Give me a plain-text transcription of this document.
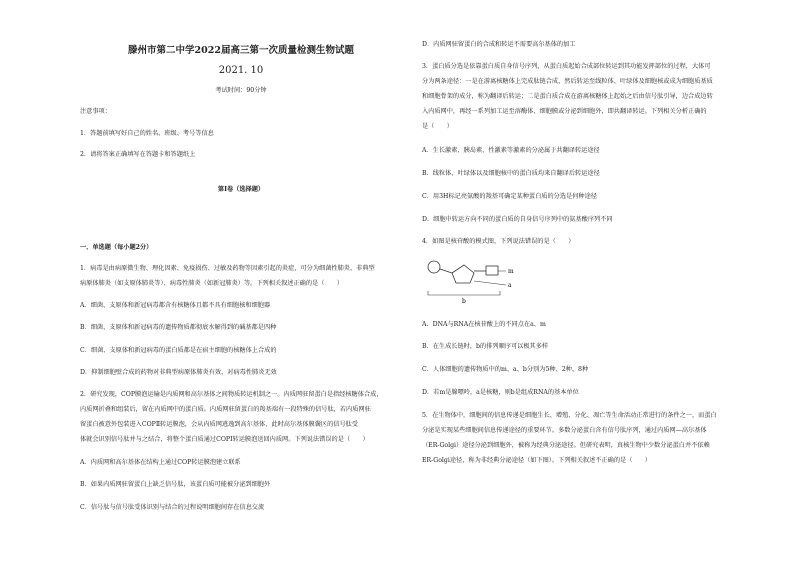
滕州市第二中学2022届高三第一次质量检测生物试题
2021. 10
考试时间：90分钟
注意事项：
1．答题前填写好自己的姓名、班级、考号等信息
2．请将答案正确填写在答题卡和答题纸上
第Ⅰ卷（选择题）
一、单选题（每小题2分）
1．病毒是由病原微生物、理化因素、免疫损伤、过敏及药物等因素引起的炎症，可分为细菌性肺炎、非典型
病原体肺炎（如支原体肺炎等）、病毒性肺炎（如新冠肺炎）等。下列相关叙述正确的是（　　）
A．细菌、支原体和新冠病毒都含有核糖体且都不具有细胞核和细胞器
B．细菌、支原体和新冠病毒的遗传物质都彻底水解得到的碱基都是四种
C．细菌、支原体和新冠病毒的蛋白质都是在宿主细胞的核糖体上合成的
D．抑制细胞壁合成的药物对非典型病原体肺炎有效，对病毒性肺炎无效
2．研究发现，COP膜泡运输是内质网和高尔基体之间物质转运机制之一。内质网驻留蛋白是指经核糖体合成，
内质网折叠和组装后，留在内质网中的蛋白质。内质网驻留蛋白的羧基端有一段特殊的信号肽，若内质网驻
留蛋白被意外包装进入COPⅡ转运膜泡，会从内质网逃逸到高尔基体，此时高尔基体膜囊区的信号肽受
体就会识别信号肽并与之结合，将整个蛋白质通过COPⅠ转运膜泡送回内质网。下列说法错误的是（　　）
A．内质网和高尔基体在结构上通过COP转运膜泡建立联系
B．如果内质网驻留蛋白上缺乏信号肽，该蛋白质可能被分泌到细胞外
C．信号肽与信号肽受体识别与结合的过程说明细胞间存在信息交流
D．内质网驻留蛋白的合成和转运不需要高尔基体的加工
3．蛋白质分选是依靠蛋白质自身信号序列，从蛋白质起始合成部位转运到其功能发挥部位的过程，大体可
分为两条途径：一是在游离核糖体上完成肽链合成，然后转运至线粒体、叶绿体及细胞核或成为细胞质基质
和细胞骨架的成分，称为翻译后转运；二是蛋白质合成在游离核糖体上起始之后由信号肽引导，边合成边转
入内质网中，再经一系列加工运至溶酶体、细胞膜或分泌到细胞外，即共翻译转运。下列相关分析正确的
是（　　）
A．生长激素、胰岛素、性激素等激素的分泌属于共翻译转运途径
B．线粒体、叶绿体以及细胞核中的蛋白质均来自翻译后转运途径
C．用3H标记亮氨酸的羧基可确定某种蛋白质的分选是何种途径
D．细胞中转运方向不同的蛋白质的自身信号序列中的氨基酸序列不同
4．如图是核苷酸的模式图，下列说法错误的是（　　）
m
a
b
A．DNA与RNA在核苷酸上的不同点在a、m
B．在生成长链时，b的排列顺序可以极其多样
C．人体细胞的遗传物质中的m、a、b分别为5种、2种、8种
D．若m是腺嘌呤，a是核糖，则b是组成RNA的基本单位
5．在生物体中，细胞间的信息传递是细胞生长、增殖、分化、凋亡等生命活动正常进行的条件之一，而蛋白
分泌是实现某些细胞间信息传递途径的重要环节。多数分泌蛋白含有信号肽序列，通过内质网—高尔基体
（ER-Golgi）途径分泌到细胞外，被称为经典分泌途径。但研究表明，真核生物中少数分泌蛋白并不依赖
ER-Golgi途径，称为非经典分泌途径（如下图）。下列相关叙述不正确的是（　　）
